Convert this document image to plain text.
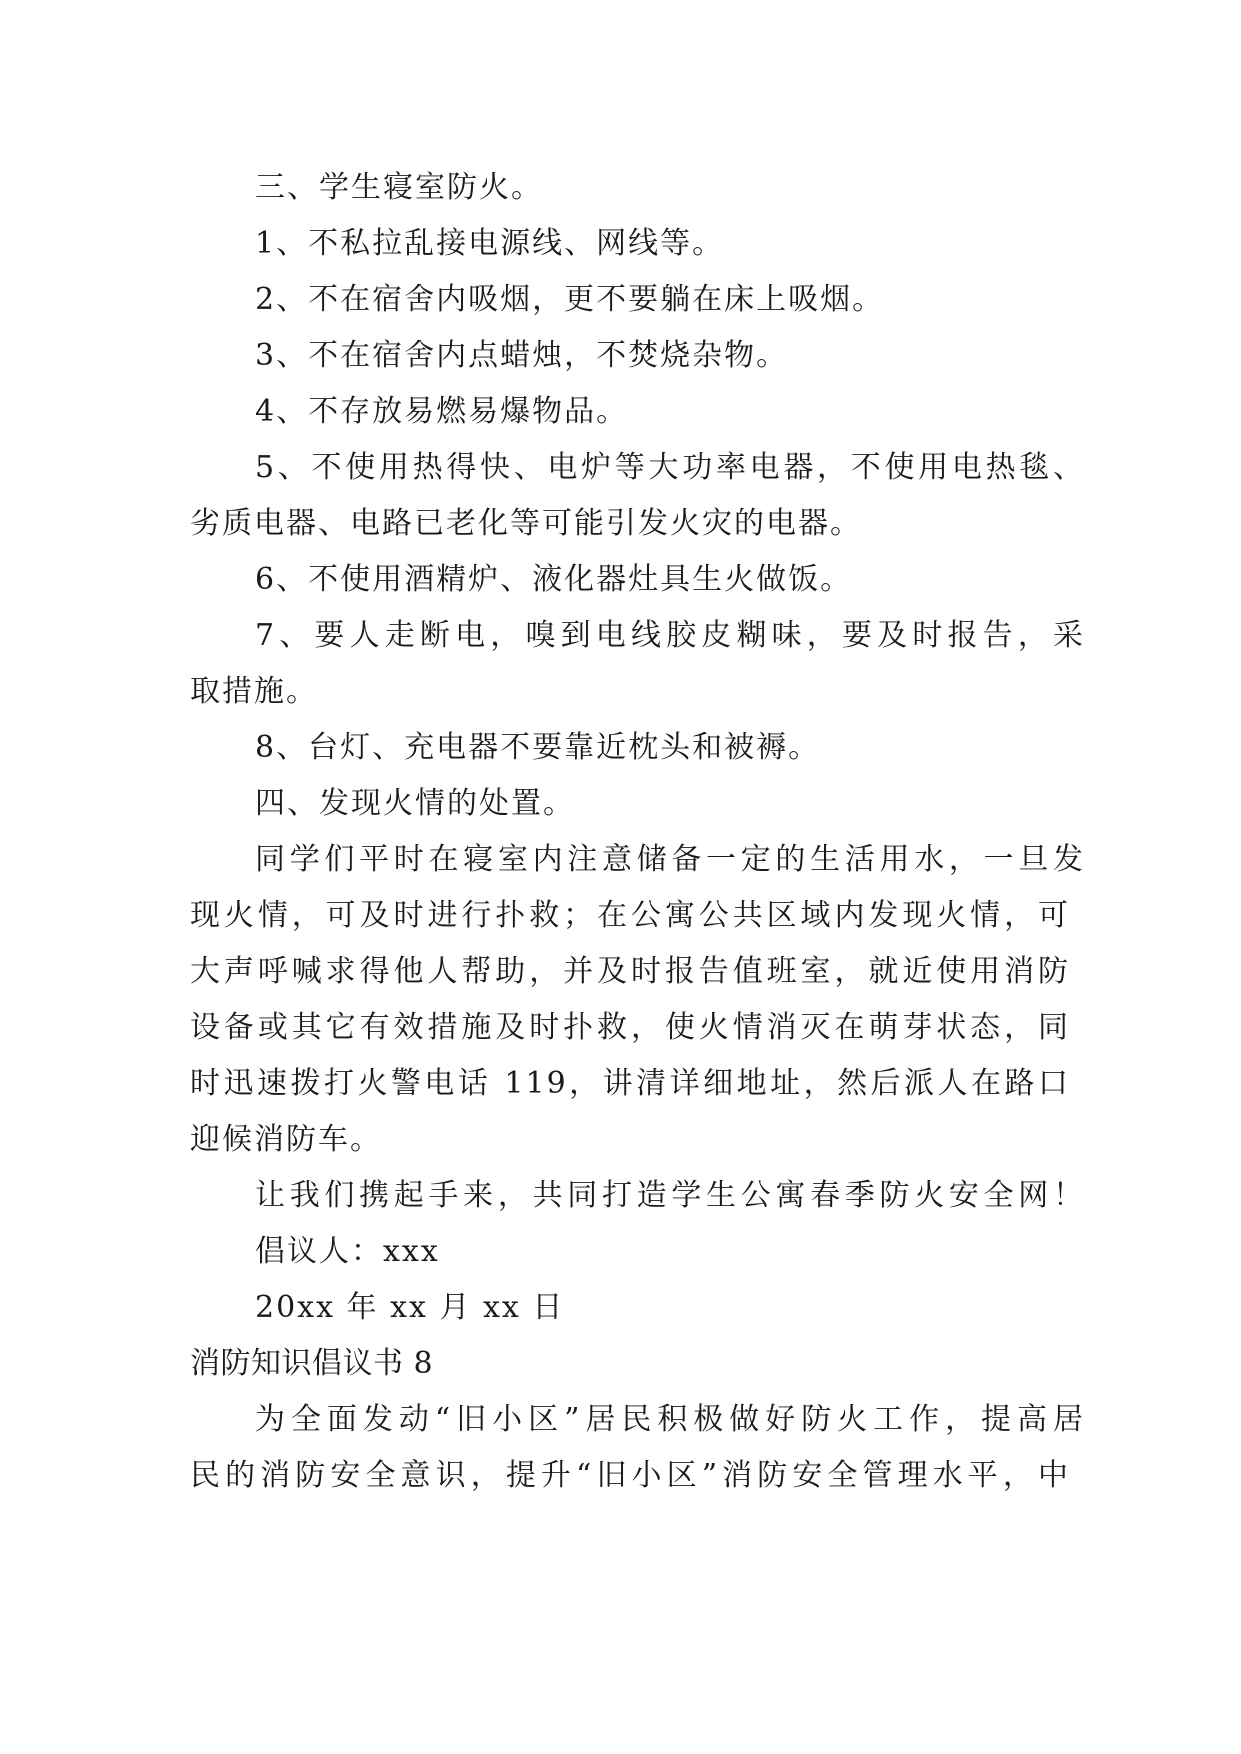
三、学生寝室防火。
1、不私拉乱接电源线、网线等。
2、不在宿舍内吸烟，更不要躺在床上吸烟。
3、不在宿舍内点蜡烛，不焚烧杂物。
4、不存放易燃易爆物品。
5、不使用热得快、电炉等大功率电器，不使用电热毯、
劣质电器、电路已老化等可能引发火灾的电器。
6、不使用酒精炉、液化器灶具生火做饭。
7、要人走断电，嗅到电线胶皮糊味，要及时报告，采
取措施。
8、台灯、充电器不要靠近枕头和被褥。
四、发现火情的处置。
同学们平时在寝室内注意储备一定的生活用水，一旦发
现火情，可及时进行扑救；在公寓公共区域内发现火情，可
大声呼喊求得他人帮助，并及时报告值班室，就近使用消防
设备或其它有效措施及时扑救，使火情消灭在萌芽状态，同
时迅速拨打火警电话 119，讲清详细地址，然后派人在路口
迎候消防车。
让我们携起手来，共同打造学生公寓春季防火安全网！
倡议人：xxx
20xx 年 xx 月 xx 日
消防知识倡议书 8
为全面发动“旧小区”居民积极做好防火工作，提高居
民的消防安全意识，提升“旧小区”消防安全管理水平，中
